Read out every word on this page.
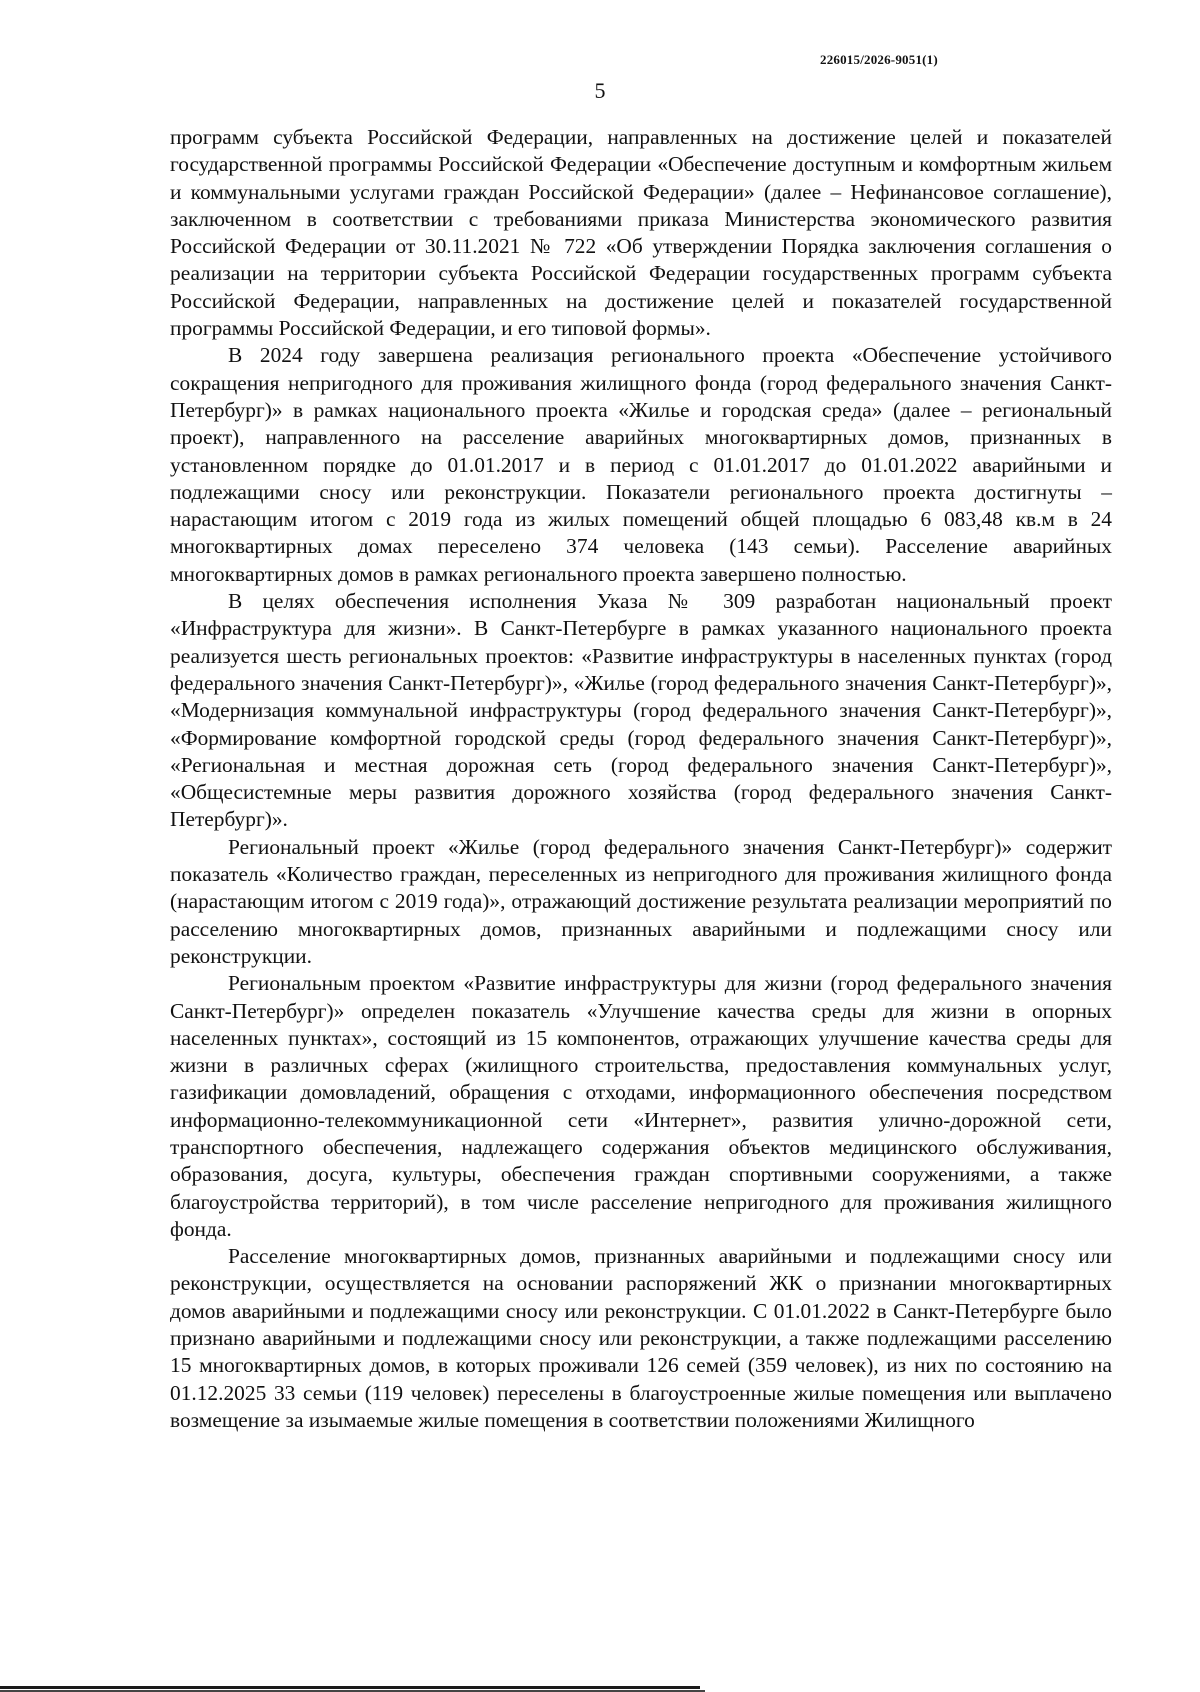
226015/2026-9051(1)
5

программ субъекта Российской Федерации, направленных на достижение целей и показателей государственной программы Российской Федерации «Обеспечение доступным и комфортным жильем и коммунальными услугами граждан Российской Федерации» (далее – Нефинансовое соглашение), заключенном в соответствии с требованиями приказа Министерства экономического развития Российской Федерации от 30.11.2021 № 722 «Об утверждении Порядка заключения соглашения о реализации на территории субъекта Российской Федерации государственных программ субъекта Российской Федерации, направленных на достижение целей и показателей государственной программы Российской Федерации, и его типовой формы».

В 2024 году завершена реализация регионального проекта «Обеспечение устойчивого сокращения непригодного для проживания жилищного фонда (город федерального значения Санкт-Петербург)» в рамках национального проекта «Жилье и городская среда» (далее – региональный проект), направленного на расселение аварийных многоквартирных домов, признанных в установленном порядке до 01.01.2017 и в период с 01.01.2017 до 01.01.2022 аварийными и подлежащими сносу или реконструкции. Показатели регионального проекта достигнуты – нарастающим итогом с 2019 года из жилых помещений общей площадью 6 083,48 кв.м в 24 многоквартирных домах переселено 374 человека (143 семьи). Расселение аварийных многоквартирных домов в рамках регионального проекта завершено полностью.

В целях обеспечения исполнения Указа № 309 разработан национальный проект «Инфраструктура для жизни». В Санкт-Петербурге в рамках указанного национального проекта реализуется шесть региональных проектов: «Развитие инфраструктуры в населенных пунктах (город федерального значения Санкт-Петербург)», «Жилье (город федерального значения Санкт-Петербург)», «Модернизация коммунальной инфраструктуры (город федерального значения Санкт-Петербург)», «Формирование комфортной городской среды (город федерального значения Санкт-Петербург)», «Региональная и местная дорожная сеть (город федерального значения Санкт-Петербург)», «Общесистемные меры развития дорожного хозяйства (город федерального значения Санкт-Петербург)».

Региональный проект «Жилье (город федерального значения Санкт-Петербург)» содержит показатель «Количество граждан, переселенных из непригодного для проживания жилищного фонда (нарастающим итогом с 2019 года)», отражающий достижение результата реализации мероприятий по расселению многоквартирных домов, признанных аварийными и подлежащими сносу или реконструкции.

Региональным проектом «Развитие инфраструктуры для жизни (город федерального значения Санкт-Петербург)» определен показатель «Улучшение качества среды для жизни в опорных населенных пунктах», состоящий из 15 компонентов, отражающих улучшение качества среды для жизни в различных сферах (жилищного строительства, предоставления коммунальных услуг, газификации домовладений, обращения с отходами, информационного обеспечения посредством информационно-телекоммуникационной сети «Интернет», развития улично-дорожной сети, транспортного обеспечения, надлежащего содержания объектов медицинского обслуживания, образования, досуга, культуры, обеспечения граждан спортивными сооружениями, а также благоустройства территорий), в том числе расселение непригодного для проживания жилищного фонда.

Расселение многоквартирных домов, признанных аварийными и подлежащими сносу или реконструкции, осуществляется на основании распоряжений ЖК о признании многоквартирных домов аварийными и подлежащими сносу или реконструкции. С 01.01.2022 в Санкт-Петербурге было признано аварийными и подлежащими сносу или реконструкции, а также подлежащими расселению 15 многоквартирных домов, в которых проживали 126 семей (359 человек), из них по состоянию на 01.12.2025 33 семьи (119 человек) переселены в благоустроенные жилые помещения или выплачено возмещение за изымаемые жилые помещения в соответствии положениями Жилищного
